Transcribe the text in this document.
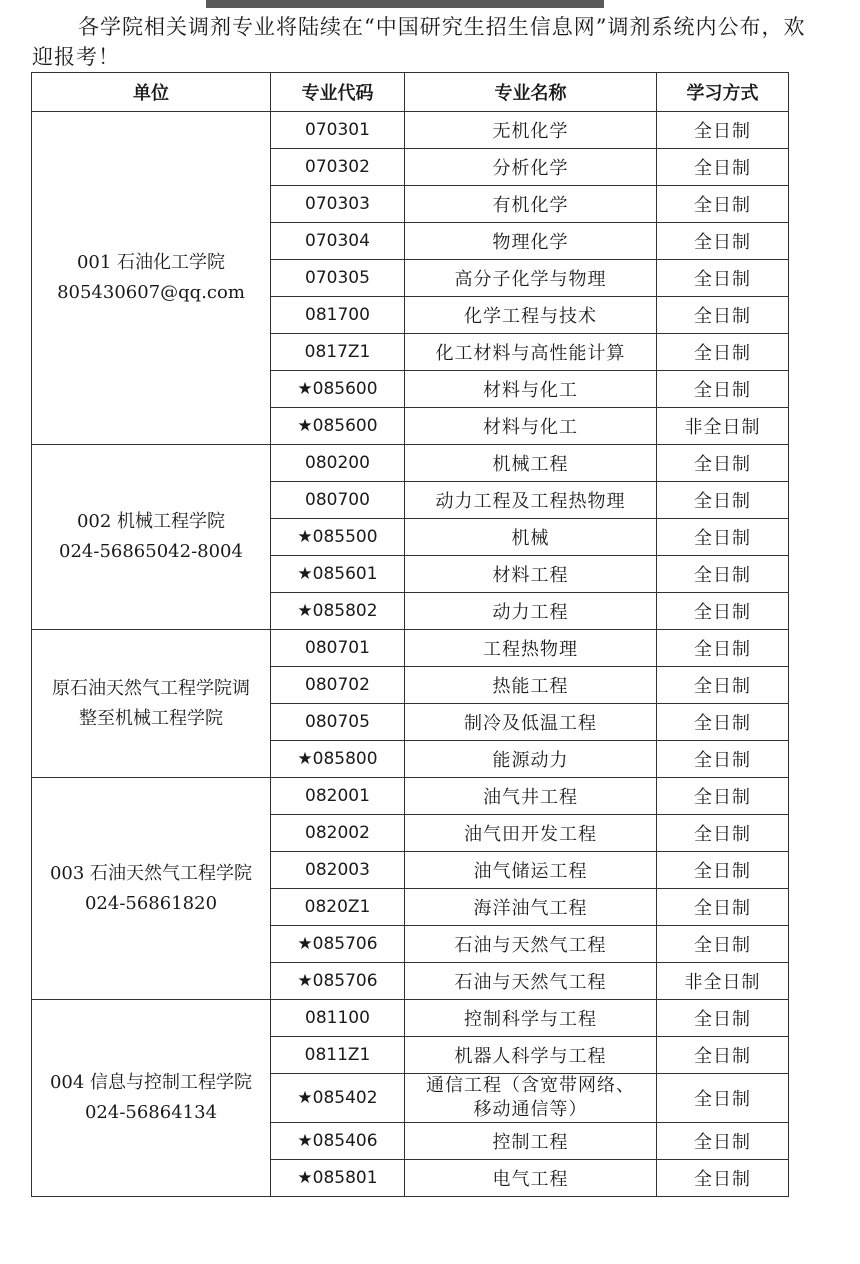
各学院相关调剂专业将陆续在“中国研究生招生信息网”调剂系统内公布，欢迎报考！

单位	专业代码	专业名称	学习方式

001 石油化工学院
805430607@qq.com	070301	无机化学	全日制
	070302	分析化学	全日制
	070303	有机化学	全日制
	070304	物理化学	全日制
	070305	高分子化学与物理	全日制
	081700	化学工程与技术	全日制
	0817Z1	化工材料与高性能计算	全日制
	★085600	材料与化工	全日制
	★085600	材料与化工	非全日制

002 机械工程学院
024-56865042-8004	080200	机械工程	全日制
	080700	动力工程及工程热物理	全日制
	★085500	机械	全日制
	★085601	材料工程	全日制
	★085802	动力工程	全日制

原石油天然气工程学院调
整至机械工程学院	080701	工程热物理	全日制
	080702	热能工程	全日制
	080705	制冷及低温工程	全日制
	★085800	能源动力	全日制

003 石油天然气工程学院
024-56861820	082001	油气井工程	全日制
	082002	油气田开发工程	全日制
	082003	油气储运工程	全日制
	0820Z1	海洋油气工程	全日制
	★085706	石油与天然气工程	全日制
	★085706	石油与天然气工程	非全日制

004 信息与控制工程学院
024-56864134	081100	控制科学与工程	全日制
	0811Z1	机器人科学与工程	全日制
	★085402	通信工程（含宽带网络、
移动通信等）	全日制
	★085406	控制工程	全日制
	★085801	电气工程	全日制
